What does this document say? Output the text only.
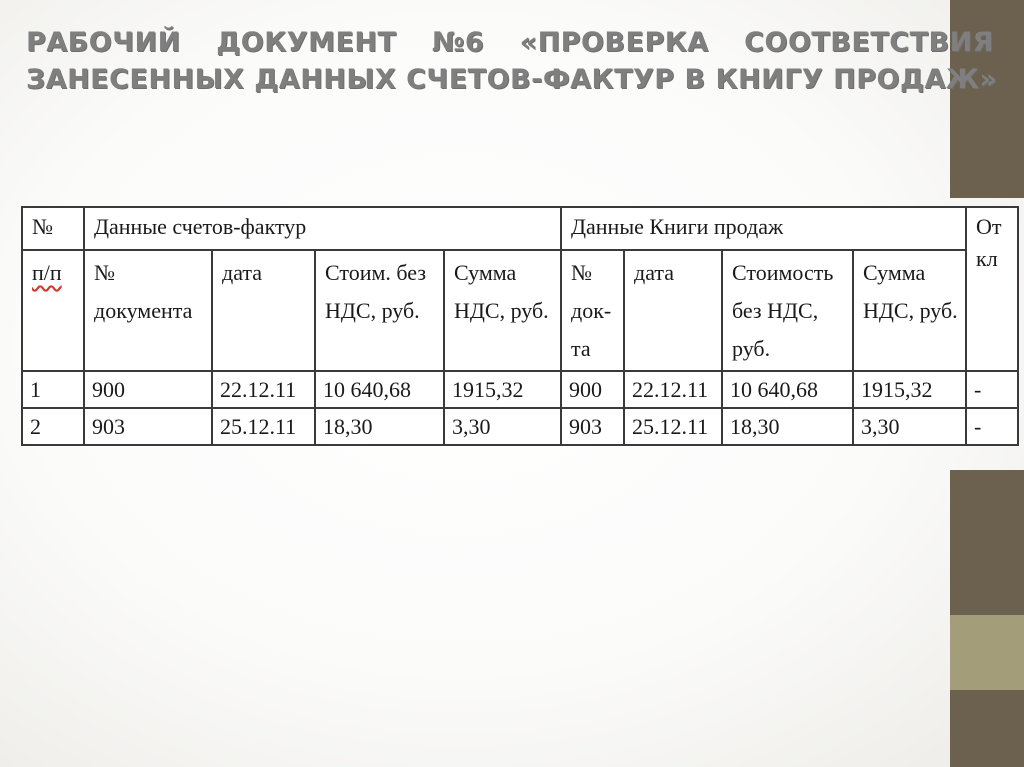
РАБОЧИЙ ДОКУМЕНТ №6 «ПРОВЕРКА СООТВЕТСТВИЯ
ЗАНЕСЕННЫХ ДАННЫХ СЧЕТОВ-ФАКТУР В КНИГУ ПРОДАЖ»
№	Данные счетов-фактур				Данные Книги продаж				От кл
п/п	№ документа	дата	Стоим. без НДС, руб.	Сумма НДС, руб.	№ док-та	дата	Стоимость без НДС, руб.	Сумма НДС, руб.	
1	900	22.12.11	10 640,68	1915,32	900	22.12.11	10 640,68	1915,32	-
2	903	25.12.11	18,30	3,30	903	25.12.11	18,30	3,30	-
